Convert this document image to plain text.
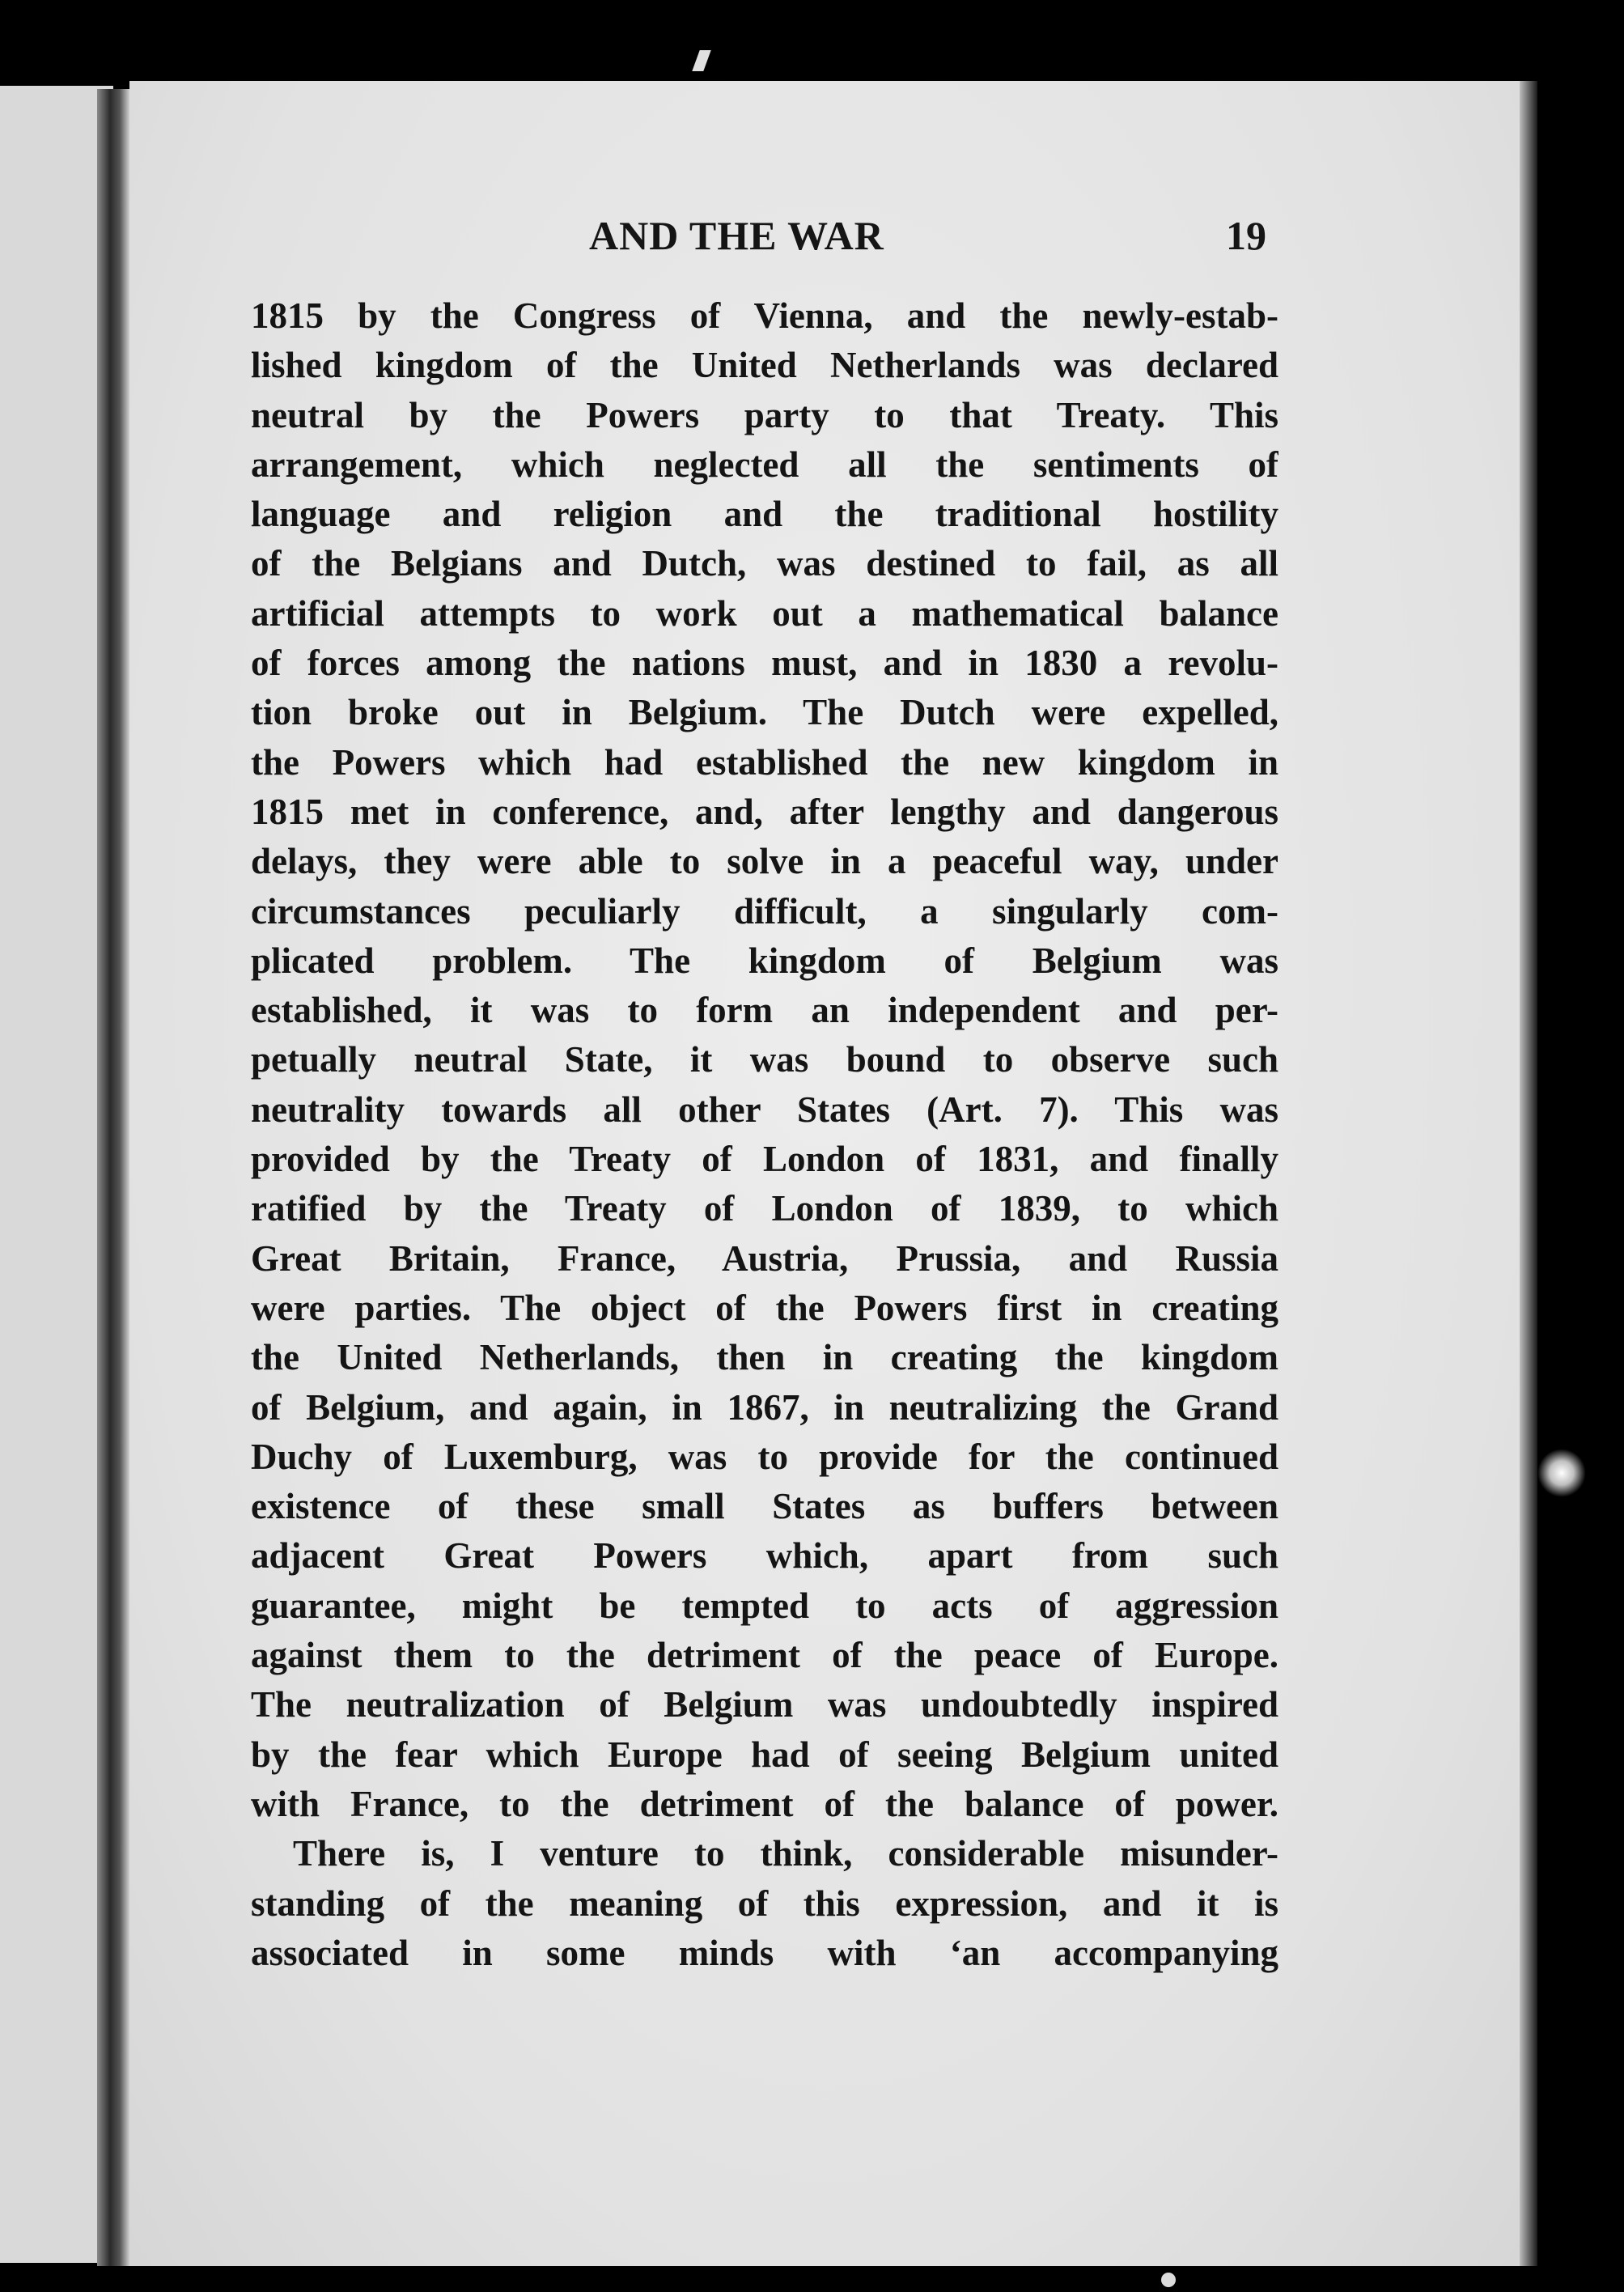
AND THE WAR	19
1815 by the Congress of Vienna, and the newly-estab-
lished kingdom of the United Netherlands was declared
neutral by the Powers party to that Treaty. This
arrangement, which neglected all the sentiments of
language and religion and the traditional hostility
of the Belgians and Dutch, was destined to fail, as all
artificial attempts to work out a mathematical balance
of forces among the nations must, and in 1830 a revolu-
tion broke out in Belgium. The Dutch were expelled,
the Powers which had established the new kingdom in
1815 met in conference, and, after lengthy and dangerous
delays, they were able to solve in a peaceful way, under
circumstances peculiarly difficult, a singularly com-
plicated problem. The kingdom of Belgium was
established, it was to form an independent and per-
petually neutral State, it was bound to observe such
neutrality towards all other States (Art. 7). This was
provided by the Treaty of London of 1831, and finally
ratified by the Treaty of London of 1839, to which
Great Britain, France, Austria, Prussia, and Russia
were parties. The object of the Powers first in creating
the United Netherlands, then in creating the kingdom
of Belgium, and again, in 1867, in neutralizing the Grand
Duchy of Luxemburg, was to provide for the continued
existence of these small States as buffers between
adjacent Great Powers which, apart from such
guarantee, might be tempted to acts of aggression
against them to the detriment of the peace of Europe.
The neutralization of Belgium was undoubtedly inspired
by the fear which Europe had of seeing Belgium united
with France, to the detriment of the balance of power.
There is, I venture to think, considerable misunder-
standing of the meaning of this expression, and it is
associated in some minds with ‘an accompanying
